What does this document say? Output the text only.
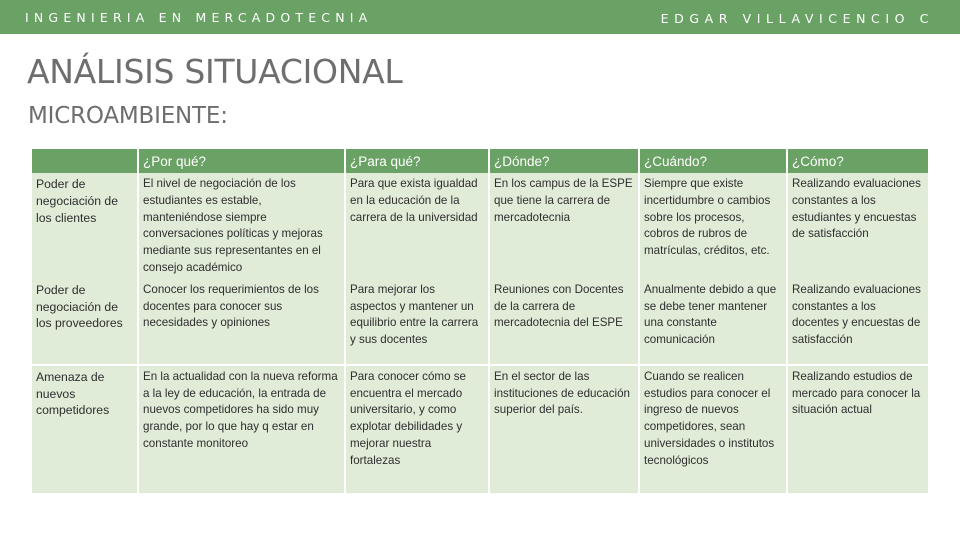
INGENIERIA EN MERCADOTECNIA	EDGAR VILLAVICENCIO C
ANÁLISIS SITUACIONAL
MICROAMBIENTE:
	¿Por qué?	¿Para qué?	¿Dónde?	¿Cuándo?	¿Cómo?
Poder de negociación de los clientes	El nivel de negociación de los estudiantes es estable, manteniéndose siempre conversaciones políticas y mejoras mediante sus representantes en el consejo académico	Para que exista igualdad en la educación de la carrera de la universidad	En los campus de la ESPE que tiene la carrera de mercadotecnia	Siempre que existe incertidumbre o cambios sobre los procesos, cobros de rubros de matrículas, créditos, etc.	Realizando evaluaciones constantes a los estudiantes y encuestas de satisfacción
Poder de negociación de los proveedores	Conocer los requerimientos de los docentes para conocer sus necesidades y opiniones	Para mejorar los aspectos y mantener un equilibrio entre la carrera y sus docentes	Reuniones con Docentes de la carrera de mercadotecnia del ESPE	Anualmente debido a que se debe tener mantener una constante comunicación	Realizando evaluaciones constantes a los docentes y encuestas de satisfacción
Amenaza de nuevos competidores	En la actualidad con la nueva reforma a la ley de educación, la entrada de nuevos competidores ha sido muy grande, por lo que hay q estar en constante monitoreo	Para conocer cómo se encuentra el mercado universitario, y como explotar debilidades y mejorar nuestra fortalezas	En el sector de las instituciones de educación superior del país.	Cuando se realicen estudios para conocer el ingreso de nuevos competidores, sean universidades o institutos tecnológicos	Realizando estudios de mercado para conocer la situación actual
